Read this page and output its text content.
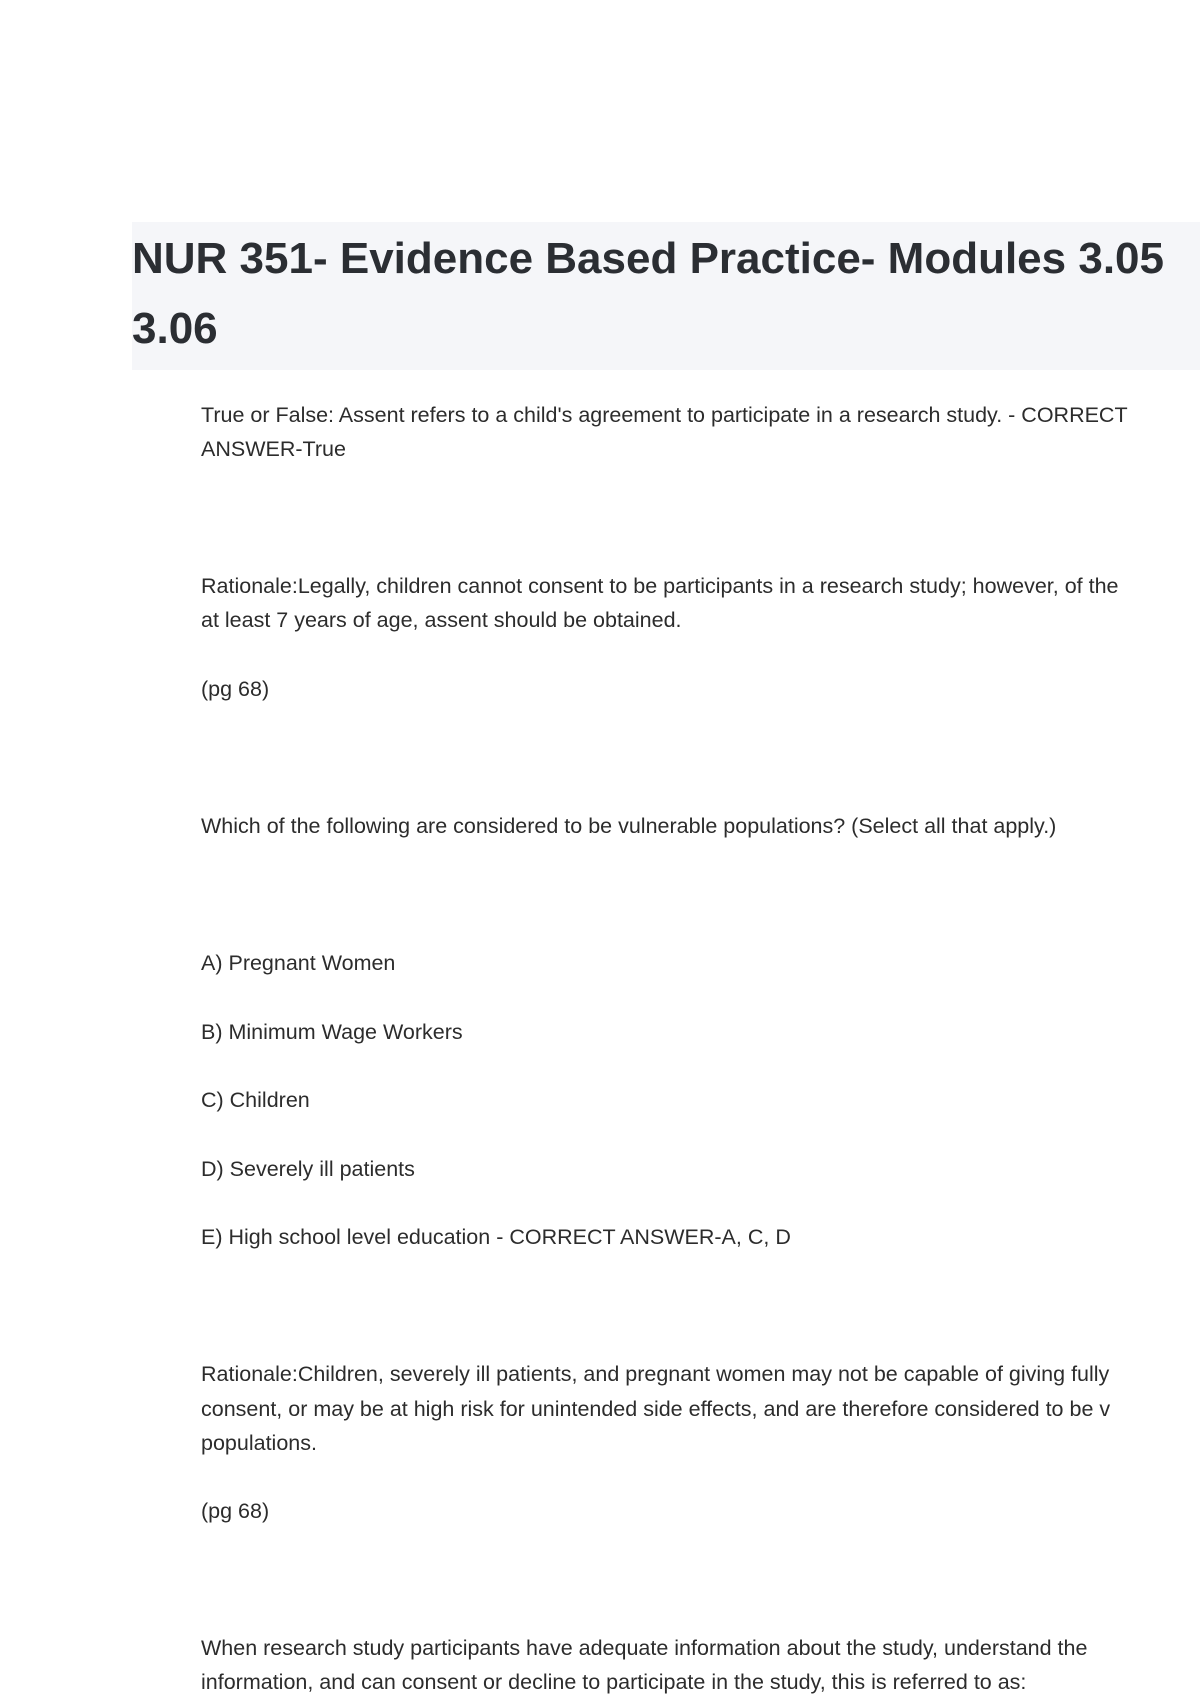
NUR 351- Evidence Based Practice- Modules 3.05
3.06

True or False: Assent refers to a child's agreement to participate in a research study. - CORRECT

ANSWER-True

Rationale:Legally, children cannot consent to be participants in a research study; however, of the

at least 7 years of age, assent should be obtained.

(pg 68)

Which of the following are considered to be vulnerable populations? (Select all that apply.)

A) Pregnant Women

B) Minimum Wage Workers

C) Children

D) Severely ill patients

E) High school level education - CORRECT ANSWER-A, C, D

Rationale:Children, severely ill patients, and pregnant women may not be capable of giving fully

consent, or may be at high risk for unintended side effects, and are therefore considered to be v

populations.

(pg 68)

When research study participants have adequate information about the study, understand the

information, and can consent or decline to participate in the study, this is referred to as:
